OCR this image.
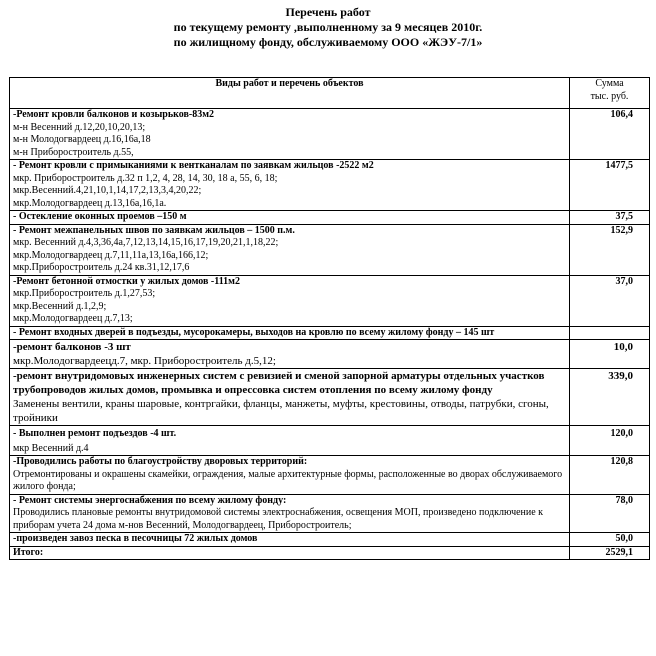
Перечень работ
по текущему ремонту ,выполненному за 9 месяцев 2010г.
по жилищному фонду, обслуживаемому ООО «ЖЭУ-7/1»
Виды работ и перечень объектов	Сумма
тыс. руб.

-Ремонт кровли балконов и козырьков-83м2
м-н Весенний д.12,20,10,20,13;
м-н Молодогвардеец д.16,16а,18
м-н Приборостроитель д.55,	106,4

- Ремонт кровли с примыканиями к вентканалам по заявкам жильцов -2522 м2
мкр. Приборостроитель д.32 п 1,2, 4, 28, 14, 30, 18 а, 55, 6, 18;
мкр.Весенний.4,21,10,1,14,17,2,13,3,4,20,22;
мкр.Молодогвардеец д.13,16а,16,1а.	1477,5

- Остекление оконных проемов –150 м	37,5

- Ремонт межпанельных швов по заявкам жильцов – 1500 п.м.
мкр. Весенний д.4,3,36,4а,7,12,13,14,15,16,17,19,20,21,1,18,22;
мкр.Молодогвардеец д.7,11,11а,13,16а,166,12;
мкр.Приборостроитель д.24 кв.31,12,17,6	152,9

-Ремонт бетонной отмостки у жилых домов -111м2
мкр.Приборостроитель д.1,27,53;
мкр.Весенний д.1,2,9;
мкр.Молодогвардеец д.7,13;	37,0

- Ремонт входных дверей в подъезды, мусорокамеры, выходов на кровлю по всему жилому фонду – 145 шт	

-ремонт балконов -3 шт
мкр.Молодогвардеецд.7, мкр. Приборостроитель д.5,12;	10,0

-ремонт внутридомовых инженерных систем с ревизией и сменой запорной арматуры отдельных участков трубопроводов жилых домов, промывка и опрессовка систем отопления по всему жилому фонду
Заменены вентили, краны шаровые, контргайки, фланцы, манжеты, муфты, крестовины, отводы, патрубки, сгоны, тройники	339,0

- Выполнен ремонт подъездов -4 шт.
мкр Весенний д.4	120,0

-Проводились работы по благоустройству дворовых территорий:
Отремонтированы и окрашены скамейки, ограждения, малые архитектурные формы, расположенные во дворах обслуживаемого жилого фонда;	120,8

- Ремонт системы энергоснабжения по всему жилому фонду:
Проводились плановые ремонты внутридомовой системы электроснабжения, освещения МОП, произведено подключение к приборам учета 24 дома м-нов Весенний, Молодогвардеец, Приборостроитель;	78,0

-произведен завоз песка в песочницы 72 жилых домов	50,0
Итого:	2529,1
